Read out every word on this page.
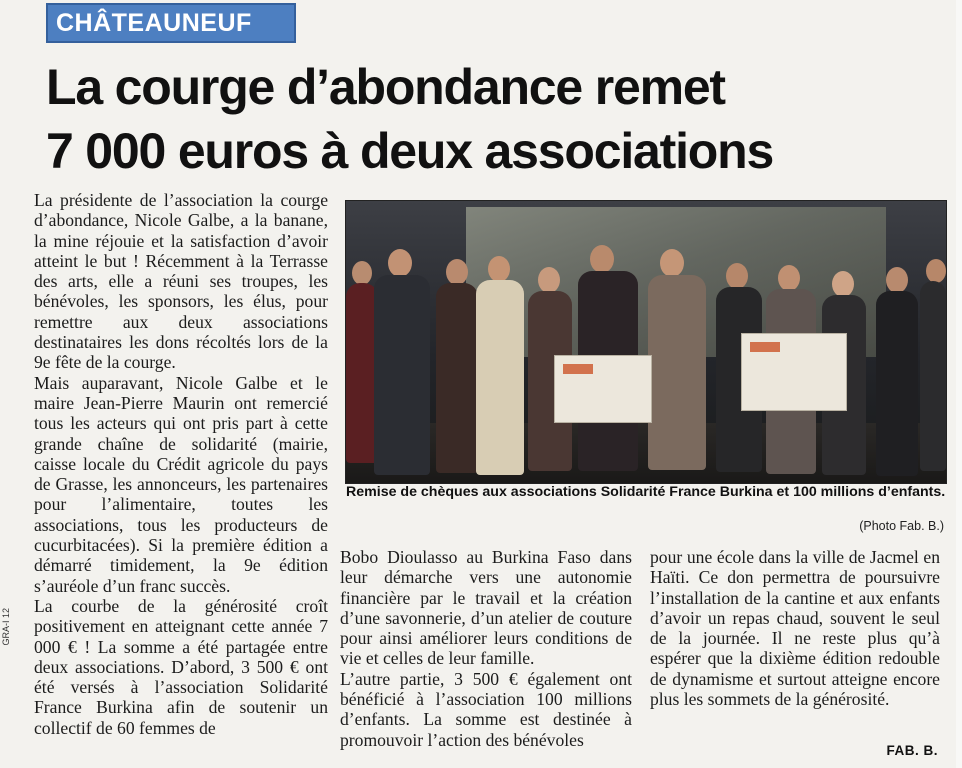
CHÂTEAUNEUF
La courge d’abondance remet
7 000 euros à deux associations

La présidente de l’association la courge d’abondance, Nicole Galbe, a la banane, la mine réjouie et la satisfaction d’avoir atteint le but ! Récemment à la Terrasse des arts, elle a réuni ses troupes, les bénévoles, les sponsors, les élus, pour remettre aux deux associations destinataires les dons récoltés lors de la 9e fête de la courge.

Mais auparavant, Nicole Galbe et le maire Jean-Pierre Maurin ont remercié tous les acteurs qui ont pris part à cette grande chaîne de solidarité (mairie, caisse locale du Crédit agricole du pays de Grasse, les annonceurs, les partenaires pour l’alimentaire, toutes les associations, tous les producteurs de cucurbitacées). Si la première édition a démarré timidement, la 9e édition s’auréole d’un franc succès.

La courbe de la générosité croît positivement en atteignant cette année 7 000 € ! La somme a été partagée entre deux associations. D’abord, 3 500 € ont été versés à l’association Solidarité France Burkina afin de soutenir un collectif de 60 femmes de

Remise de chèques aux associations Solidarité France Burkina et 100 millions d’enfants.

(Photo Fab. B.)

Bobo Dioulasso au Burkina Faso dans leur démarche vers une autonomie financière par le travail et la création d’une savonnerie, d’un atelier de couture pour ainsi améliorer leurs conditions de vie et celles de leur famille.

L’autre partie, 3 500 € également ont bénéficié à l’association 100 millions d’enfants. La somme est destinée à promouvoir l’action des bénévoles

pour une école dans la ville de Jacmel en Haïti. Ce don permettra de poursuivre l’installation de la cantine et aux enfants d’avoir un repas chaud, souvent le seul de la journée. Il ne reste plus qu’à espérer que la dixième édition redouble de dynamisme et surtout atteigne encore plus les sommets de la générosité.

FAB. B.
GRA-I 12
